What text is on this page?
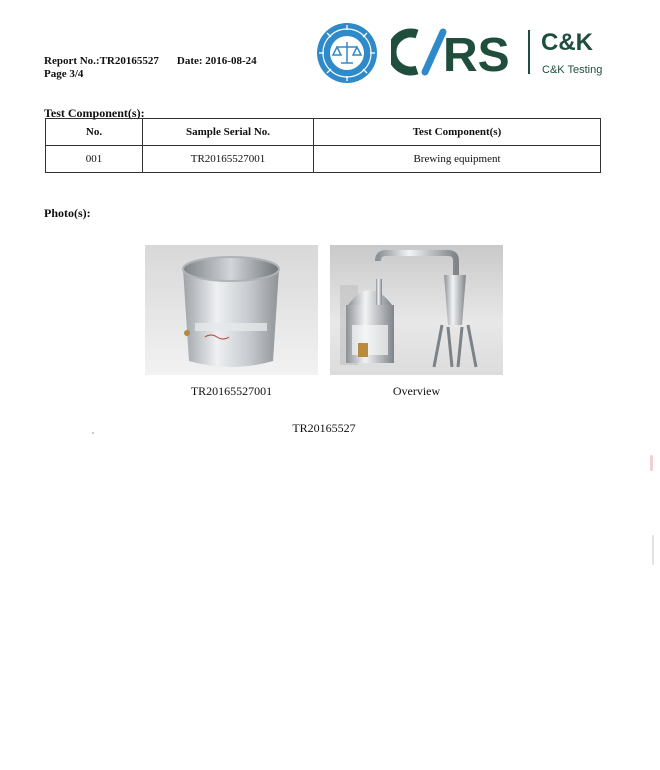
Report No.:TR20165527 Date: 2016-08-24
Page 3/4	RS C&K
C&K Testing
Test Component(s):
No.	Sample Serial No.	Test Component(s)
001	TR20165527001	Brewing equipment
Photo(s):
TR20165527001	Overview
TR20165527
